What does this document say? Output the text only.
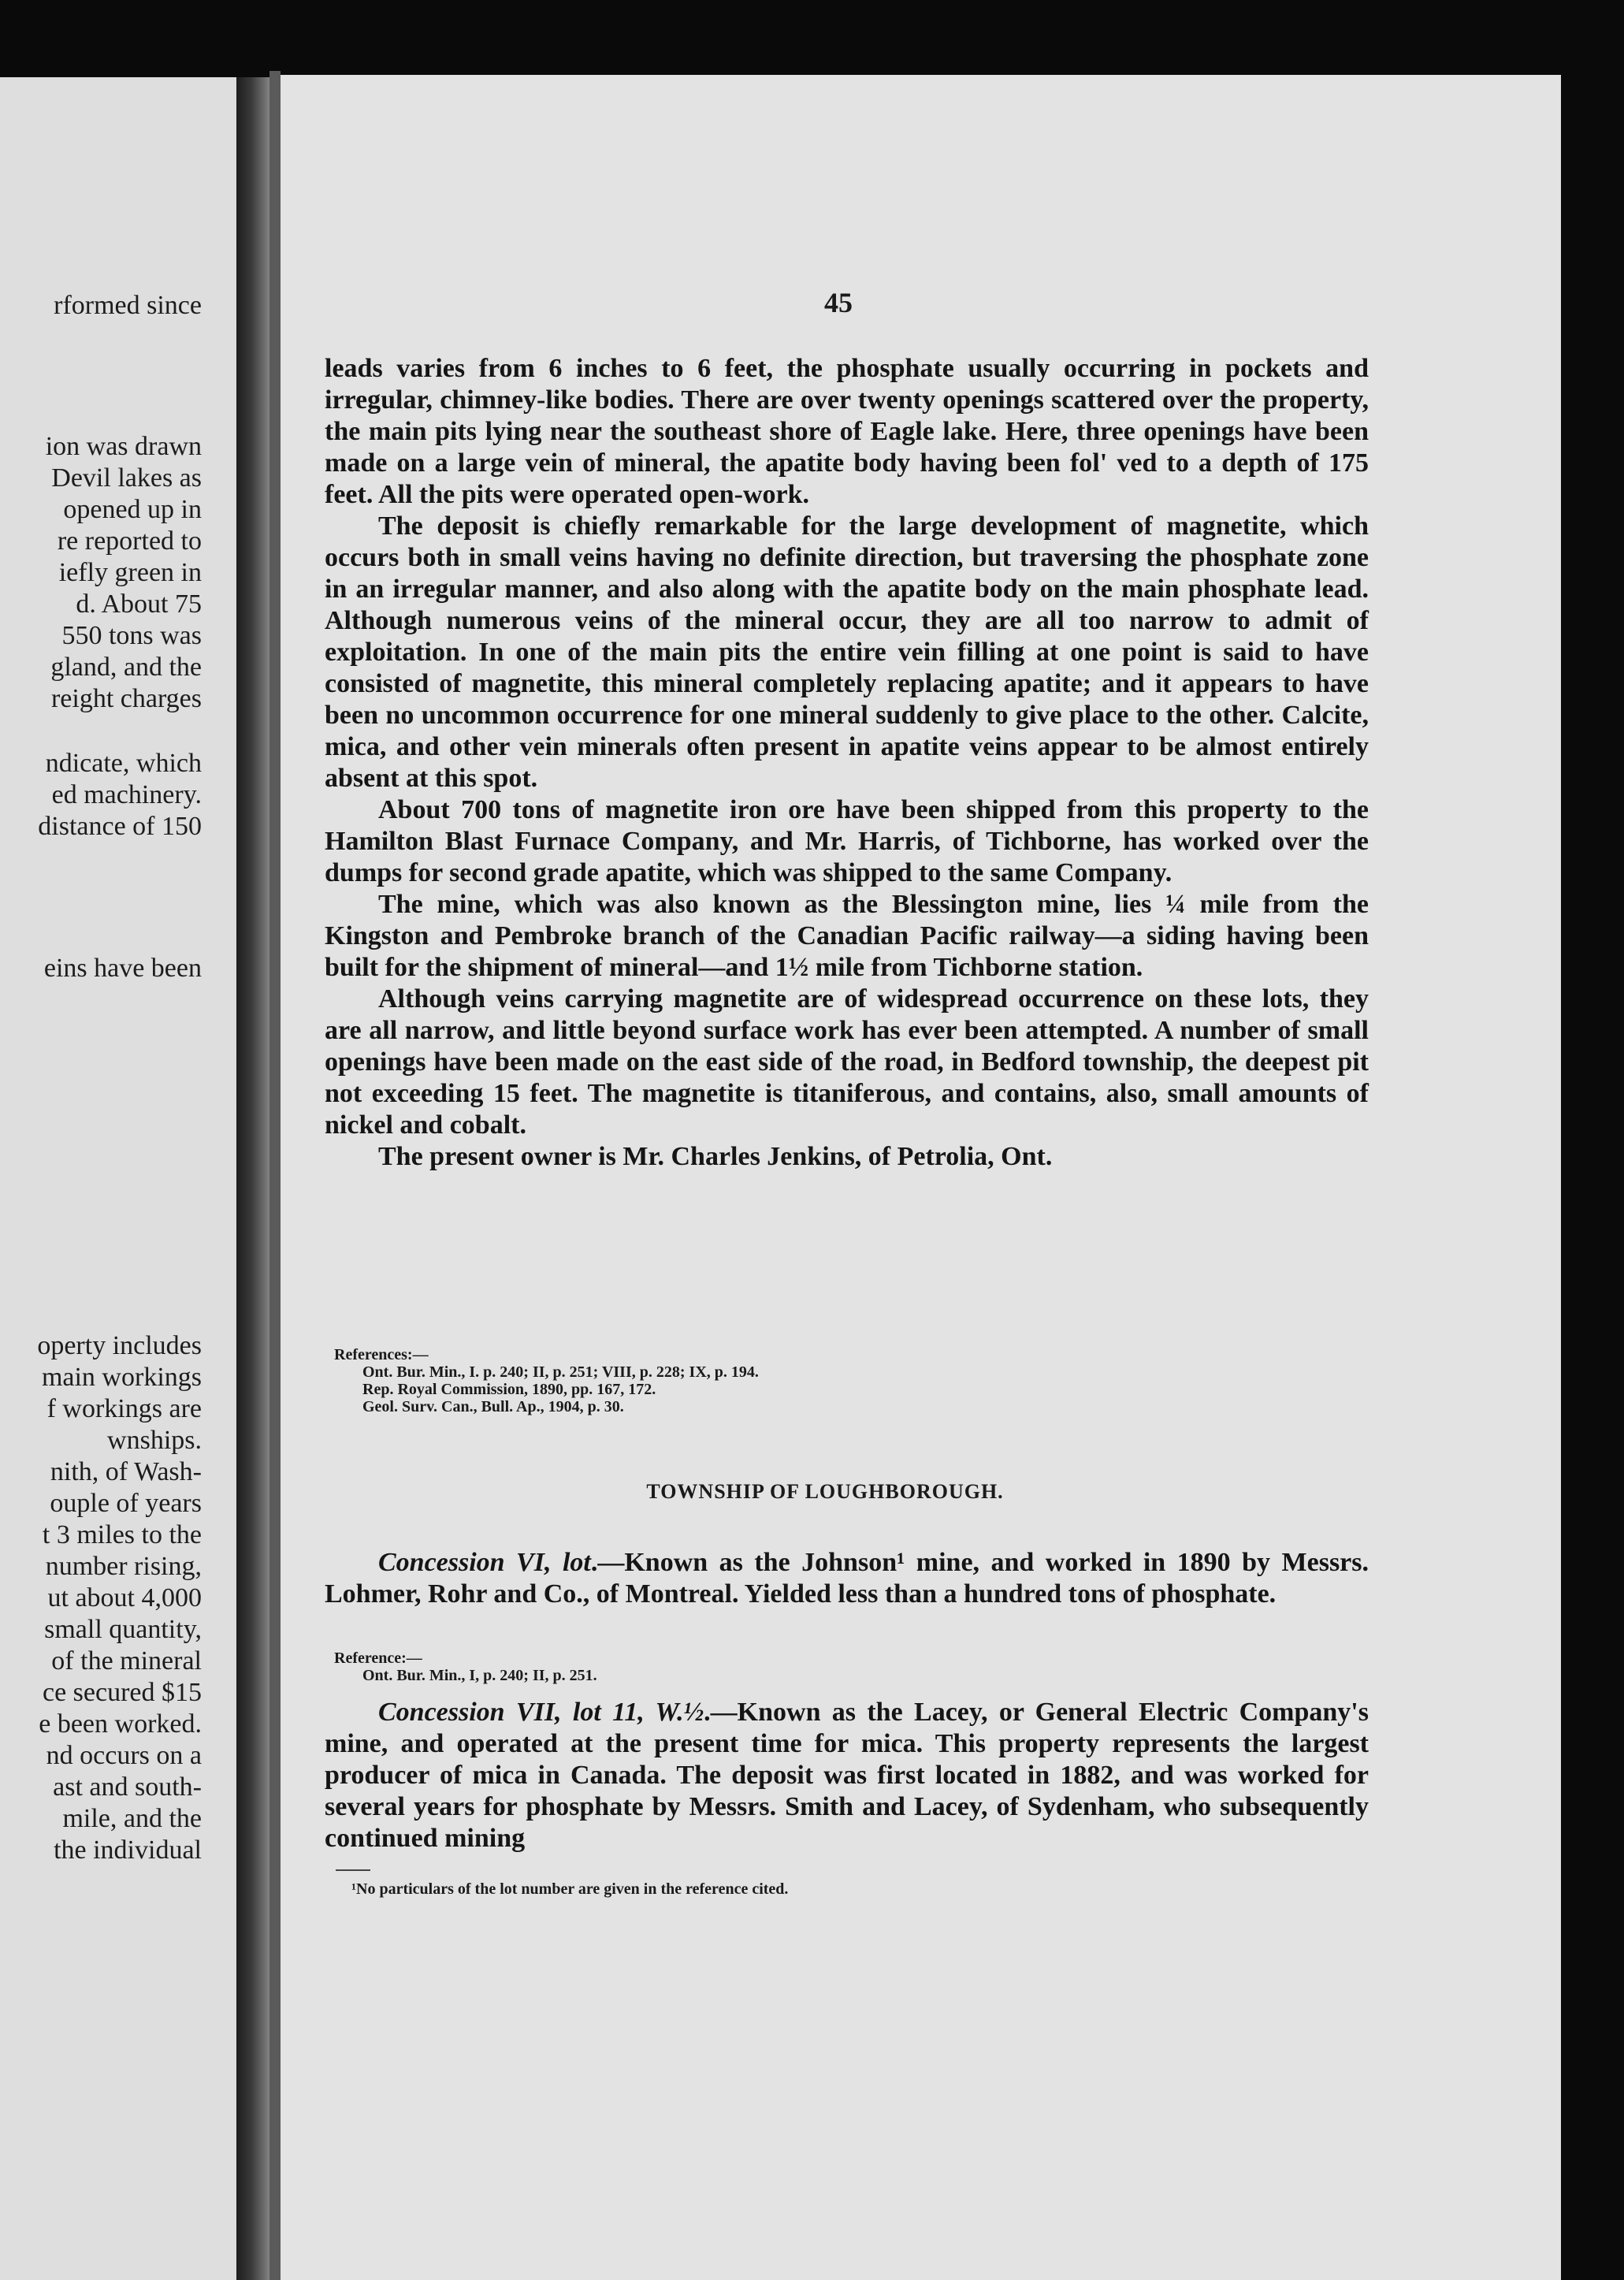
rformed since
ion was drawn
Devil lakes as
opened up in
re reported to
iefly green in
d. About 75
550 tons was
gland, and the
reight charges
ndicate, which
ed machinery.
distance of 150
eins have been
operty includes
main workings
f workings are
wnships.
nith, of Wash-
ouple of years
t 3 miles to the
number rising,
ut about 4,000
small quantity,
of the mineral
ce secured $15
e been worked.
nd occurs on a
ast and south-
mile, and the
the individual
45

leads varies from 6 inches to 6 feet, the phosphate usually occurring in pockets and irregular, chimney-like bodies. There are over twenty openings scattered over the property, the main pits lying near the southeast shore of Eagle lake. Here, three openings have been made on a large vein of mineral, the apatite body having been fol' ved to a depth of 175 feet. All the pits were operated open-work.

The deposit is chiefly remarkable for the large development of magnetite, which occurs both in small veins having no definite direction, but traversing the phosphate zone in an irregular manner, and also along with the apatite body on the main phosphate lead. Although numerous veins of the mineral occur, they are all too narrow to admit of exploitation. In one of the main pits the entire vein filling at one point is said to have consisted of magnetite, this mineral completely replacing apatite; and it appears to have been no uncommon occurrence for one mineral suddenly to give place to the other. Calcite, mica, and other vein minerals often present in apatite veins appear to be almost entirely absent at this spot.

About 700 tons of magnetite iron ore have been shipped from this property to the Hamilton Blast Furnace Company, and Mr. Harris, of Tichborne, has worked over the dumps for second grade apatite, which was shipped to the same Company.

The mine, which was also known as the Blessington mine, lies ¼ mile from the Kingston and Pembroke branch of the Canadian Pacific railway—a siding having been built for the shipment of mineral—and 1½ mile from Tichborne station.

Although veins carrying magnetite are of widespread occurrence on these lots, they are all narrow, and little beyond surface work has ever been attempted. A number of small openings have been made on the east side of the road, in Bedford township, the deepest pit not exceeding 15 feet. The magnetite is titaniferous, and contains, also, small amounts of nickel and cobalt.

The present owner is Mr. Charles Jenkins, of Petrolia, Ont.

References:—
Ont. Bur. Min., I. p. 240; II, p. 251; VIII, p. 228; IX, p. 194.
Rep. Royal Commission, 1890, pp. 167, 172.
Geol. Surv. Can., Bull. Ap., 1904, p. 30.
TOWNSHIP OF LOUGHBOROUGH.

Concession VI, lot.—Known as the Johnson¹ mine, and worked in 1890 by Messrs. Lohmer, Rohr and Co., of Montreal. Yielded less than a hundred tons of phosphate.

Reference:—
Ont. Bur. Min., I, p. 240; II, p. 251.

Concession VII, lot 11, W.½.—Known as the Lacey, or General Electric Company's mine, and operated at the present time for mica. This property represents the largest producer of mica in Canada. The deposit was first located in 1882, and was worked for several years for phosphate by Messrs. Smith and Lacey, of Sydenham, who subsequently continued mining

¹No particulars of the lot number are given in the reference cited.
